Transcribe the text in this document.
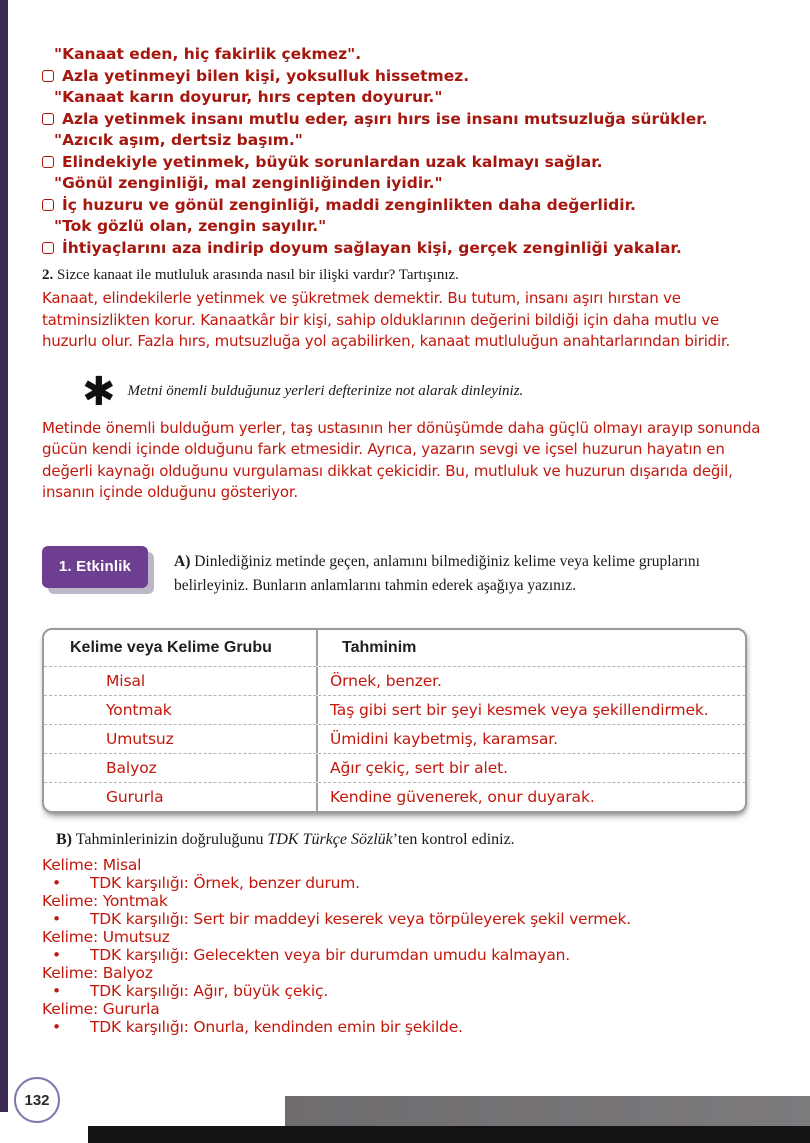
"Kanaat eden, hiç fakirlik çekmez".

Azla yetinmeyi bilen kişi, yoksulluk hissetmez.

"Kanaat karın doyurur, hırs cepten doyurur."

Azla yetinmek insanı mutlu eder, aşırı hırs ise insanı mutsuzluğa sürükler.

"Azıcık aşım, dertsiz başım."

Elindekiyle yetinmek, büyük sorunlardan uzak kalmayı sağlar.

"Gönül zenginliği, mal zenginliğinden iyidir."

İç huzuru ve gönül zenginliği, maddi zenginlikten daha değerlidir.

"Tok gözlü olan, zengin sayılır."

İhtiyaçlarını aza indirip doyum sağlayan kişi, gerçek zenginliği yakalar.

2. Sizce kanaat ile mutluluk arasında nasıl bir ilişki vardır? Tartışınız.

Kanaat, elindekilerle yetinmek ve şükretmek demektir. Bu tutum, insanı aşırı hırstan ve tatminsizlikten korur. Kanaatkâr bir kişi, sahip olduklarının değerini bildiği için daha mutlu ve huzurlu olur. Fazla hırs, mutsuzluğa yol açabilirken, kanaat mutluluğun anahtarlarından biridir.

✱ Metni önemli bulduğunuz yerleri defterinize not alarak dinleyiniz.

Metinde önemli bulduğum yerler, taş ustasının her dönüşümde daha güçlü olmayı arayıp sonunda gücün kendi içinde olduğunu fark etmesidir. Ayrıca, yazarın sevgi ve içsel huzurun hayatın en değerli kaynağı olduğunu vurgulaması dikkat çekicidir. Bu, mutluluk ve huzurun dışarıda değil, insanın içinde olduğunu gösteriyor.

1. Etkinlik	A) Dinlediğiniz metinde geçen, anlamını bilmediğiniz kelime veya kelime gruplarını belirleyiniz. Bunların anlamlarını tahmin ederek aşağıya yazınız.

Kelime veya Kelime Grubu	Tahminim
Misal	Örnek, benzer.
Yontmak	Taş gibi sert bir şeyi kesmek veya şekillendirmek.
Umutsuz	Ümidini kaybetmiş, karamsar.
Balyoz	Ağır çekiç, sert bir alet.
Gururla	Kendine güvenerek, onur duyarak.

B) Tahminlerinizin doğruluğunu TDK Türkçe Sözlük’ten kontrol ediniz.

Kelime: Misal

•	TDK karşılığı: Örnek, benzer durum.

Kelime: Yontmak

•	TDK karşılığı: Sert bir maddeyi keserek veya törpüleyerek şekil vermek.

Kelime: Umutsuz

•	TDK karşılığı: Gelecekten veya bir durumdan umudu kalmayan.

Kelime: Balyoz

•	TDK karşılığı: Ağır, büyük çekiç.

Kelime: Gururla

•	TDK karşılığı: Onurla, kendinden emin bir şekilde.

132
